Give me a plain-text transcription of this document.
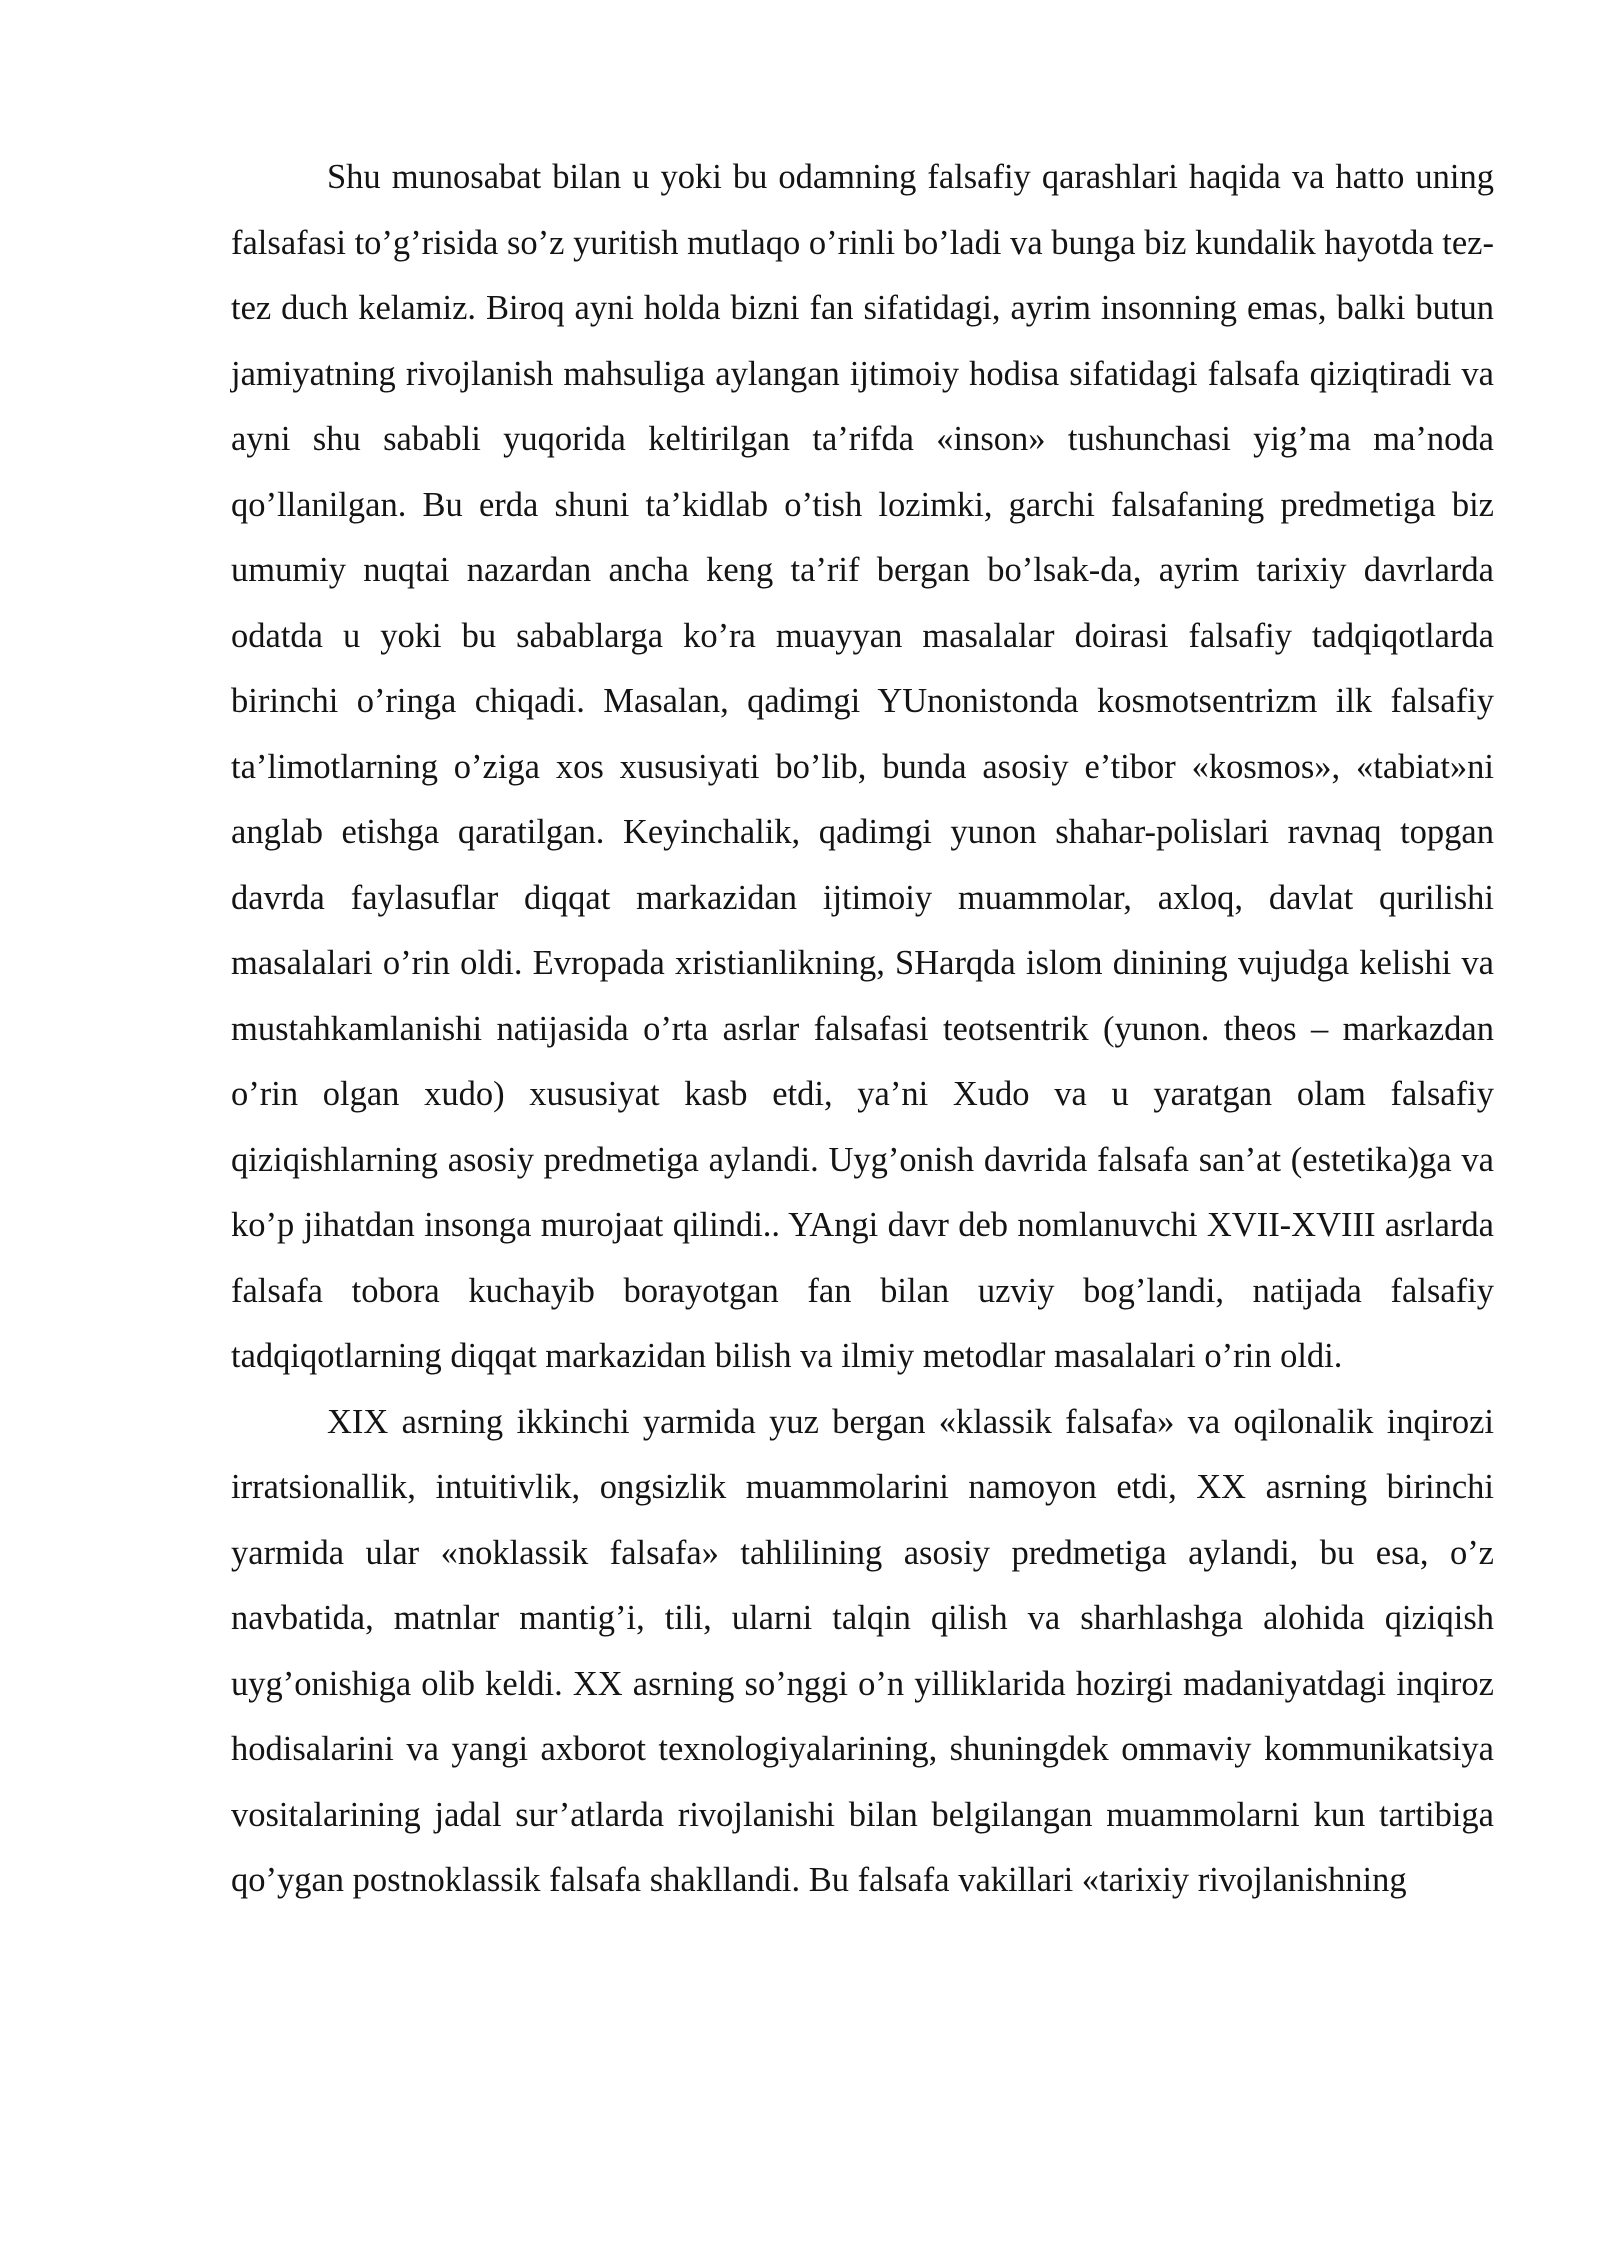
Shu munosabat bilan u yoki bu odamning falsafiy qarashlari haqida va hatto uning falsafasi to’g’risida so’z yuritish mutlaqo o’rinli bo’ladi va bunga biz kundalik hayotda tez-tez duch kelamiz. Biroq ayni holda bizni fan sifatidagi, ayrim insonning emas, balki butun jamiyatning rivojlanish mahsuliga aylangan ijtimoiy hodisa sifatidagi falsafa qiziqtiradi va ayni shu sababli yuqorida keltirilgan ta’rifda «inson» tushunchasi yig’ma ma’noda qo’llanilgan. Bu erda shuni ta’kidlab o’tish lozimki, garchi falsafaning predmetiga biz umumiy nuqtai nazardan ancha keng ta’rif bergan bo’lsak-da, ayrim tarixiy davrlarda odatda u yoki bu sabablarga ko’ra muayyan masalalar doirasi falsafiy tadqiqotlarda birinchi o’ringa chiqadi. Masalan, qadimgi YUnonistonda kosmotsentrizm ilk falsafiy ta’limotlarning o’ziga xos xususiyati bo’lib, bunda asosiy e’tibor «kosmos», «tabiat»ni anglab etishga qaratilgan. Keyinchalik, qadimgi yunon shahar-polislari ravnaq topgan davrda faylasuflar diqqat markazidan ijtimoiy muammolar, axloq, davlat qurilishi masalalari o’rin oldi. Evropada xristianlikning, SHarqda islom dinining vujudga kelishi va mustahkamlanishi natijasida o’rta asrlar falsafasi teotsentrik (yunon. theos – markazdan o’rin olgan xudo) xususiyat kasb etdi, ya’ni Xudo va u yaratgan olam falsafiy qiziqishlarning asosiy predmetiga aylandi. Uyg’onish davrida falsafa san’at (estetika)ga va ko’p jihatdan insonga murojaat qilindi.. YAngi davr deb nomlanuvchi XVII-XVIII asrlarda falsafa tobora kuchayib borayotgan fan bilan uzviy bog’landi, natijada falsafiy tadqiqotlarning diqqat markazidan bilish va ilmiy metodlar masalalari o’rin oldi.

XIX asrning ikkinchi yarmida yuz bergan «klassik falsafa» va oqilonalik inqirozi irratsionallik, intuitivlik, ongsizlik muammolarini namoyon etdi, XX asrning birinchi yarmida ular «noklassik falsafa» tahlilining asosiy predmetiga aylandi, bu esa, o’z navbatida, matnlar mantig’i, tili, ularni talqin qilish va sharhlashga alohida qiziqish uyg’onishiga olib keldi. XX asrning so’nggi o’n yilliklarida hozirgi madaniyatdagi inqiroz hodisalarini va yangi axborot texnologiyalarining, shuningdek ommaviy kommunikatsiya vositalarining jadal sur’atlarda rivojlanishi bilan belgilangan muammolarni kun tartibiga qo’ygan postnoklassik falsafa shakllandi. Bu falsafa vakillari «tarixiy rivojlanishning
